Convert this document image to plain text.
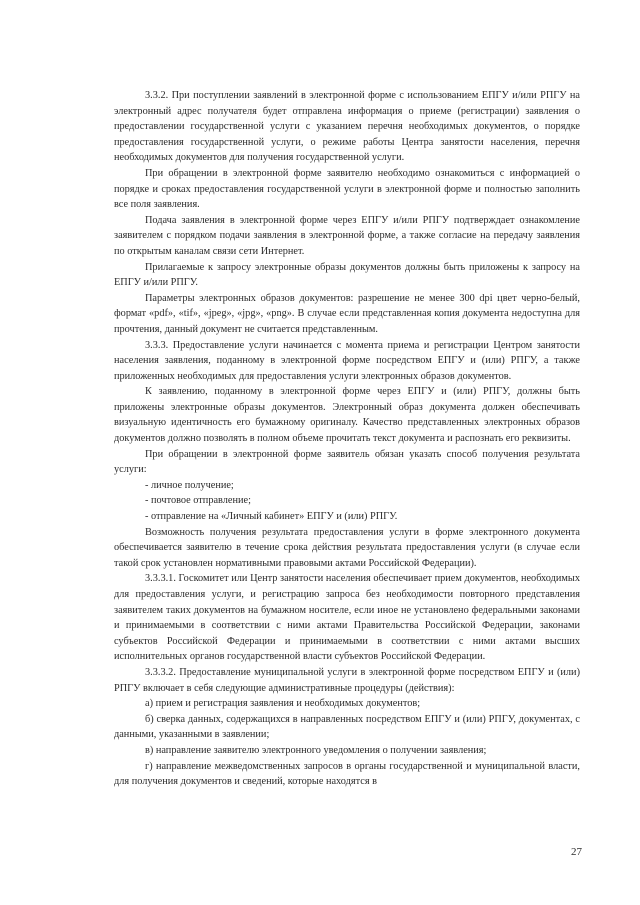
3.3.2. При поступлении заявлений в электронной форме с использованием ЕПГУ и/или РПГУ на электронный адрес получателя будет отправлена информация о приеме (регистрации) заявления о предоставлении государственной услуги с указанием перечня необходимых документов, о порядке предоставления государственной услуги, о режиме работы Центра занятости населения, перечня необходимых документов для получения государственной услуги.

При обращении в электронной форме заявителю необходимо ознакомиться с информацией о порядке и сроках предоставления государственной услуги в электронной форме и полностью заполнить все поля заявления.

Подача заявления в электронной форме через ЕПГУ и/или РПГУ подтверждает ознакомление заявителем с порядком подачи заявления в электронной форме, а также согласие на передачу заявления по открытым каналам связи сети Интернет.

Прилагаемые к запросу электронные образы документов должны быть приложены к запросу на ЕПГУ и/или РПГУ.

Параметры электронных образов документов: разрешение не менее 300 dpi цвет черно-белый, формат «pdf», «tif», «jpeg», «jpg», «png». В случае если представленная копия документа недоступна для прочтения, данный документ не считается представленным.

3.3.3. Предоставление услуги начинается с момента приема и регистрации Центром занятости населения заявления, поданному в электронной форме посредством ЕПГУ и (или) РПГУ, а также приложенных необходимых для предоставления услуги электронных образов документов.

К заявлению, поданному в электронной форме через ЕПГУ и (или) РПГУ, должны быть приложены электронные образы документов. Электронный образ документа должен обеспечивать визуальную идентичность его бумажному оригиналу. Качество представленных электронных образов документов должно позволять в полном объеме прочитать текст документа и распознать его реквизиты.

При обращении в электронной форме заявитель обязан указать способ получения результата услуги:

- личное получение;

- почтовое отправление;

- отправление на «Личный кабинет» ЕПГУ и (или) РПГУ.

Возможность получения результата предоставления услуги в форме электронного документа обеспечивается заявителю в течение срока действия результата предоставления услуги (в случае если такой срок установлен нормативными правовыми актами Российской Федерации).

3.3.3.1. Госкомитет или Центр занятости населения обеспечивает прием документов, необходимых для предоставления услуги, и регистрацию запроса без необходимости повторного представления заявителем таких документов на бумажном носителе, если иное не установлено федеральными законами и принимаемыми в соответствии с ними актами Правительства Российской Федерации, законами субъектов Российской Федерации и принимаемыми в соответствии с ними актами высших исполнительных органов государственной власти субъектов Российской Федерации.

3.3.3.2. Предоставление муниципальной услуги в электронной форме посредством ЕПГУ и (или) РПГУ включает в себя следующие административные процедуры (действия):

а) прием и регистрация заявления и необходимых документов;

б) сверка данных, содержащихся в направленных посредством ЕПГУ и (или) РПГУ, документах, с данными, указанными в заявлении;

в) направление заявителю электронного уведомления о получении заявления;

г) направление межведомственных запросов в органы государственной и муниципальной власти, для получения документов и сведений, которые находятся в

27
